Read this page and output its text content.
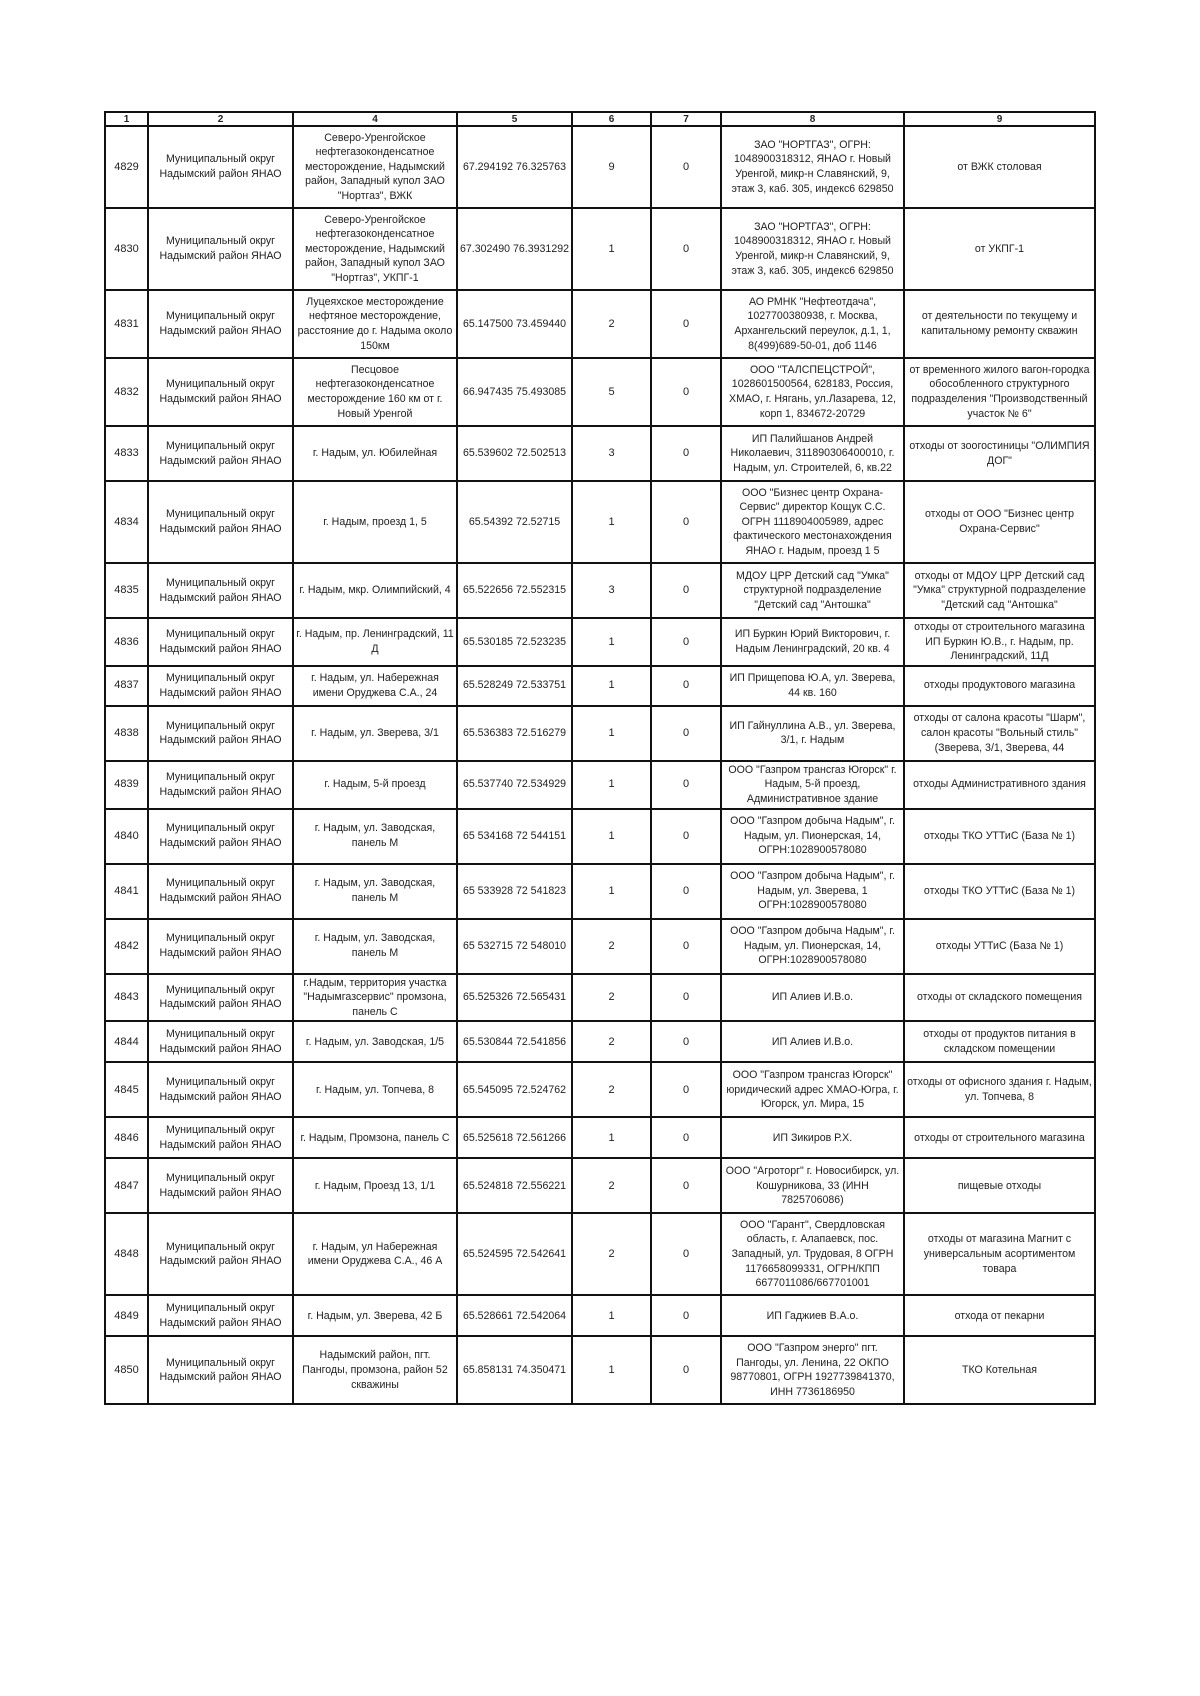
1	2	4	5	6	7	8	9
4829	Муниципальный округ Надымский район ЯНАО	Северо-Уренгойское нефтегазоконденсатное месторождение, Надымский район, Западный купол ЗАО "Нортгаз", ВЖК	67.294192 76.325763	9	0	ЗАО "НОРТГАЗ", ОГРН: 1048900318312, ЯНАО г. Новый Уренгой, микр-н Славянский, 9, этаж 3, каб. 305, индекс6 629850	от ВЖК столовая
4830	Муниципальный округ Надымский район ЯНАО	Северо-Уренгойское нефтегазоконденсатное месторождение, Надымский район, Западный купол ЗАО "Нортгаз", УКПГ-1	67.302490 76.3931292	1	0	ЗАО "НОРТГАЗ", ОГРН: 1048900318312, ЯНАО г. Новый Уренгой, микр-н Славянский, 9, этаж 3, каб. 305, индекс6 629850	от УКПГ-1
4831	Муниципальный округ Надымский район ЯНАО	Луцеяхское месторождение нефтяное месторождение, расстояние до г. Надыма около 150км	65.147500 73.459440	2	0	АО РМНК "Нефтеотдача", 1027700380938, г. Москва, Архангельский переулок, д.1, 1, 8(499)689-50-01, доб 1146	от деятельности по текущему и капитальному ремонту скважин
4832	Муниципальный округ Надымский район ЯНАО	Песцовое нефтегазоконденсатное месторождение 160 км от г. Новый Уренгой	66.947435 75.493085	5	0	ООО "ТАЛСПЕЦСТРОЙ", 1028601500564, 628183, Россия, ХМАО, г. Нягань, ул.Лазарева, 12, корп 1, 834672-20729	от временного жилого вагон-городка обособленного структурного подразделения "Производственный участок № 6"
4833	Муниципальный округ Надымский район ЯНАО	г. Надым, ул. Юбилейная	65.539602 72.502513	3	0	ИП Палийшанов Андрей Николаевич, 311890306400010, г. Надым, ул. Строителей, 6, кв.22	отходы от зоогостиницы "ОЛИМПИЯ ДОГ"
4834	Муниципальный округ Надымский район ЯНАО	г. Надым, проезд 1, 5	65.54392 72.52715	1	0	ООО "Бизнес центр Охрана-Сервис" директор Кощук С.С. ОГРН 1118904005989, адрес фактического местонахождения ЯНАО г. Надым, проезд 1 5	отходы от ООО "Бизнес центр Охрана-Сервис"
4835	Муниципальный округ Надымский район ЯНАО	г. Надым, мкр. Олимпийский, 4	65.522656 72.552315	3	0	МДОУ ЦРР Детский сад "Умка" структурной подразделение "Детский сад "Антошка"	отходы от МДОУ ЦРР Детский сад "Умка" структурной подразделение "Детский сад "Антошка"
4836	Муниципальный округ Надымский район ЯНАО	г. Надым, пр. Ленинградский, 11 Д	65.530185 72.523235	1	0	ИП Буркин Юрий Викторович, г. Надым Ленинградский, 20 кв. 4	отходы от строительного магазина ИП Буркин Ю.В., г. Надым, пр. Ленинградский, 11Д
4837	Муниципальный округ Надымский район ЯНАО	г. Надым, ул. Набережная имени Оруджева С.А., 24	65.528249 72.533751	1	0	ИП Прищепова Ю.А, ул. Зверева, 44 кв. 160	отходы продуктового магазина
4838	Муниципальный округ Надымский район ЯНАО	г. Надым, ул. Зверева, 3/1	65.536383 72.516279	1	0	ИП Гайнуллина А.В., ул. Зверева, 3/1, г. Надым	отходы от салона красоты "Шарм", салон красоты "Вольный стиль" (Зверева, 3/1, Зверева, 44
4839	Муниципальный округ Надымский район ЯНАО	г. Надым, 5-й проезд	65.537740 72.534929	1	0	ООО "Газпром трансгаз Югорск" г. Надым, 5-й проезд, Административное здание	отходы Административного здания
4840	Муниципальный округ Надымский район ЯНАО	г. Надым, ул. Заводская, панель М	65 534168 72 544151	1	0	ООО "Газпром добыча Надым", г. Надым, ул. Пионерская, 14, ОГРН:1028900578080	отходы ТКО УТТиС (База № 1)
4841	Муниципальный округ Надымский район ЯНАО	г. Надым, ул. Заводская, панель М	65 533928 72 541823	1	0	ООО "Газпром добыча Надым", г. Надым, ул. Зверева, 1 ОГРН:1028900578080	отходы ТКО УТТиС (База № 1)
4842	Муниципальный округ Надымский район ЯНАО	г. Надым, ул. Заводская, панель М	65 532715 72 548010	2	0	ООО "Газпром добыча Надым", г. Надым, ул. Пионерская, 14, ОГРН:1028900578080	отходы УТТиС (База № 1)
4843	Муниципальный округ Надымский район ЯНАО	г.Надым, территория участка "Надымгазсервис" промзона, панель С	65.525326 72.565431	2	0	ИП Алиев И.В.о.	отходы от складского помещения
4844	Муниципальный округ Надымский район ЯНАО	г. Надым, ул. Заводская, 1/5	65.530844 72.541856	2	0	ИП Алиев И.В.о.	отходы от продуктов питания в складском помещении
4845	Муниципальный округ Надымский район ЯНАО	г. Надым, ул. Топчева, 8	65.545095 72.524762	2	0	ООО "Газпром трансгаз Югорск" юридический адрес ХМАО-Югра, г. Югорск, ул. Мира, 15	отходы от офисного здания г. Надым, ул. Топчева, 8
4846	Муниципальный округ Надымский район ЯНАО	г. Надым, Промзона, панель С	65.525618 72.561266	1	0	ИП Зикиров Р.Х.	отходы от строительного магазина
4847	Муниципальный округ Надымский район ЯНАО	г. Надым, Проезд 13, 1/1	65.524818 72.556221	2	0	ООО "Агроторг" г. Новосибирск, ул. Кошурникова, 33 (ИНН 7825706086)	пищевые отходы
4848	Муниципальный округ Надымский район ЯНАО	г. Надым, ул Набережная имени Оруджева С.А., 46 А	65.524595 72.542641	2	0	ООО "Гарант", Свердловская область, г. Алапаевск, пос. Западный, ул. Трудовая, 8 ОГРН 1176658099331, ОГРН/КПП 6677011086/667701001	отходы от магазина Магнит с универсальным асортиментом товара
4849	Муниципальный округ Надымский район ЯНАО	г. Надым, ул. Зверева, 42 Б	65.528661 72.542064	1	0	ИП Гаджиев В.А.о.	отхода от пекарни
4850	Муниципальный округ Надымский район ЯНАО	Надымский район, пгт. Пангоды, промзона, район 52 скважины	65.858131 74.350471	1	0	ООО "Газпром энерго" пгт. Пангоды, ул. Ленина, 22 ОКПО 98770801, ОГРН 1927739841370, ИНН 7736186950	ТКО Котельная
